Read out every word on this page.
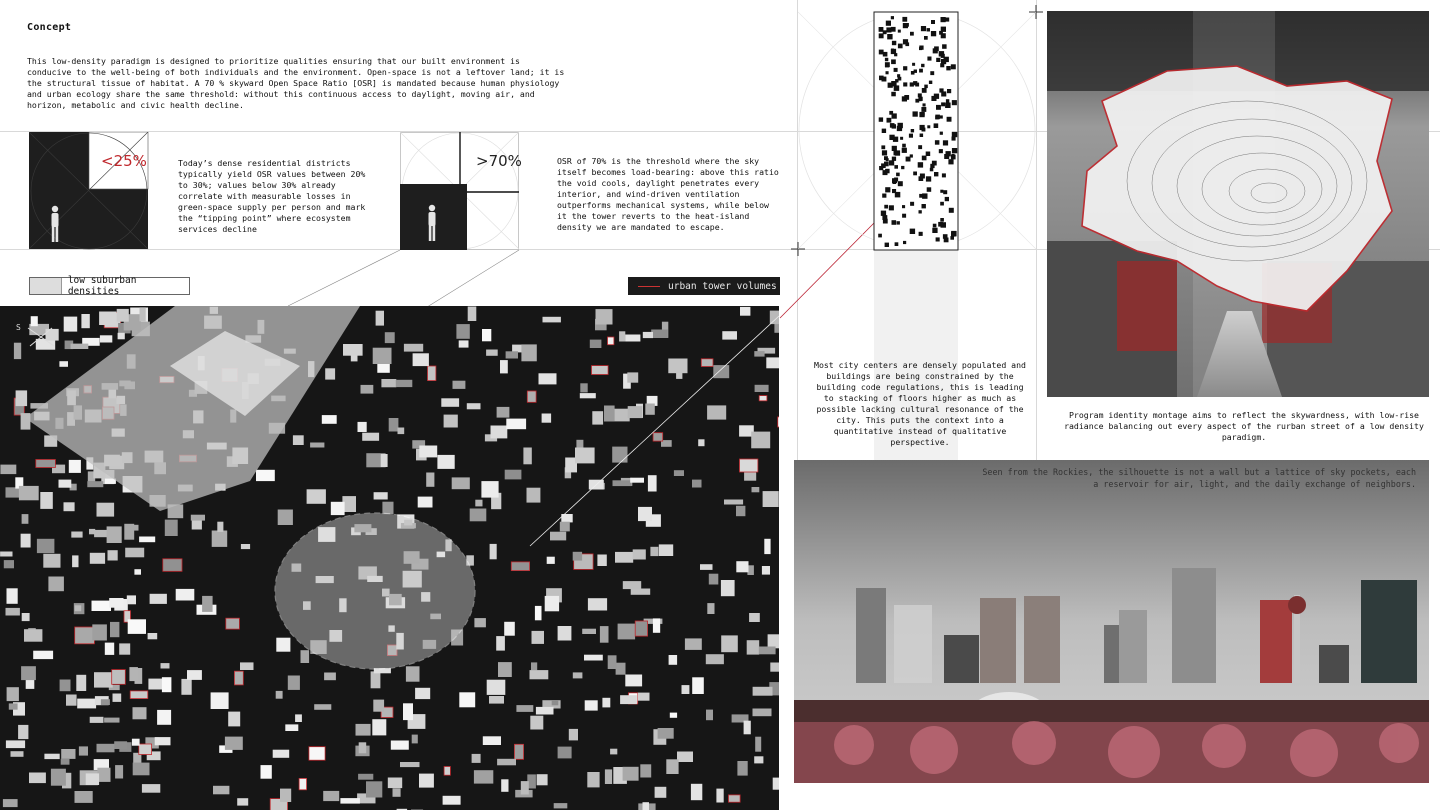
Concept
This low-density paradigm is designed to prioritize qualities ensuring that our built environment is conducive to the well-being of both individuals and the environment. Open-space is not a leftover land; it is the structural tissue of habitat. A 70 % skyward Open Space Ratio [OSR] is mandated because human physiology and urban ecology share the same threshold: without this continuous access to daylight, moving air, and horizon, metabolic and civic health decline.
<25%	Today’s dense residential districts typically yield OSR values between 20% to 30%; values below 30% already correlate with measurable losses in green-space supply per person and mark the “tipping point” where ecosystem services decline
>70%	OSR of 70% is the threshold where the sky itself becomes load-bearing: above this ratio the void cools, daylight penetrates every interior, and wind-driven ventilation outperforms mechanical systems, while below it the tower reverts to the heat-island density we are mandated to escape.
low suburban densities	urban tower volumes
S
Most city centers are densely populated and buildings are being constrained by the building code regulations, this is leading to stacking of floors higher as much as possible lacking cultural resonance of the city. This puts the context into a quantitative instead of qualitative perspective.
Program identity montage aims to reflect the skywardness, with low-rise radiance balancing out every aspect of the rurban street of a low density paradigm.
Seen from the Rockies, the silhouette is not a wall but a lattice of sky pockets, each a reservoir for air, light, and the daily exchange of neighbors.
